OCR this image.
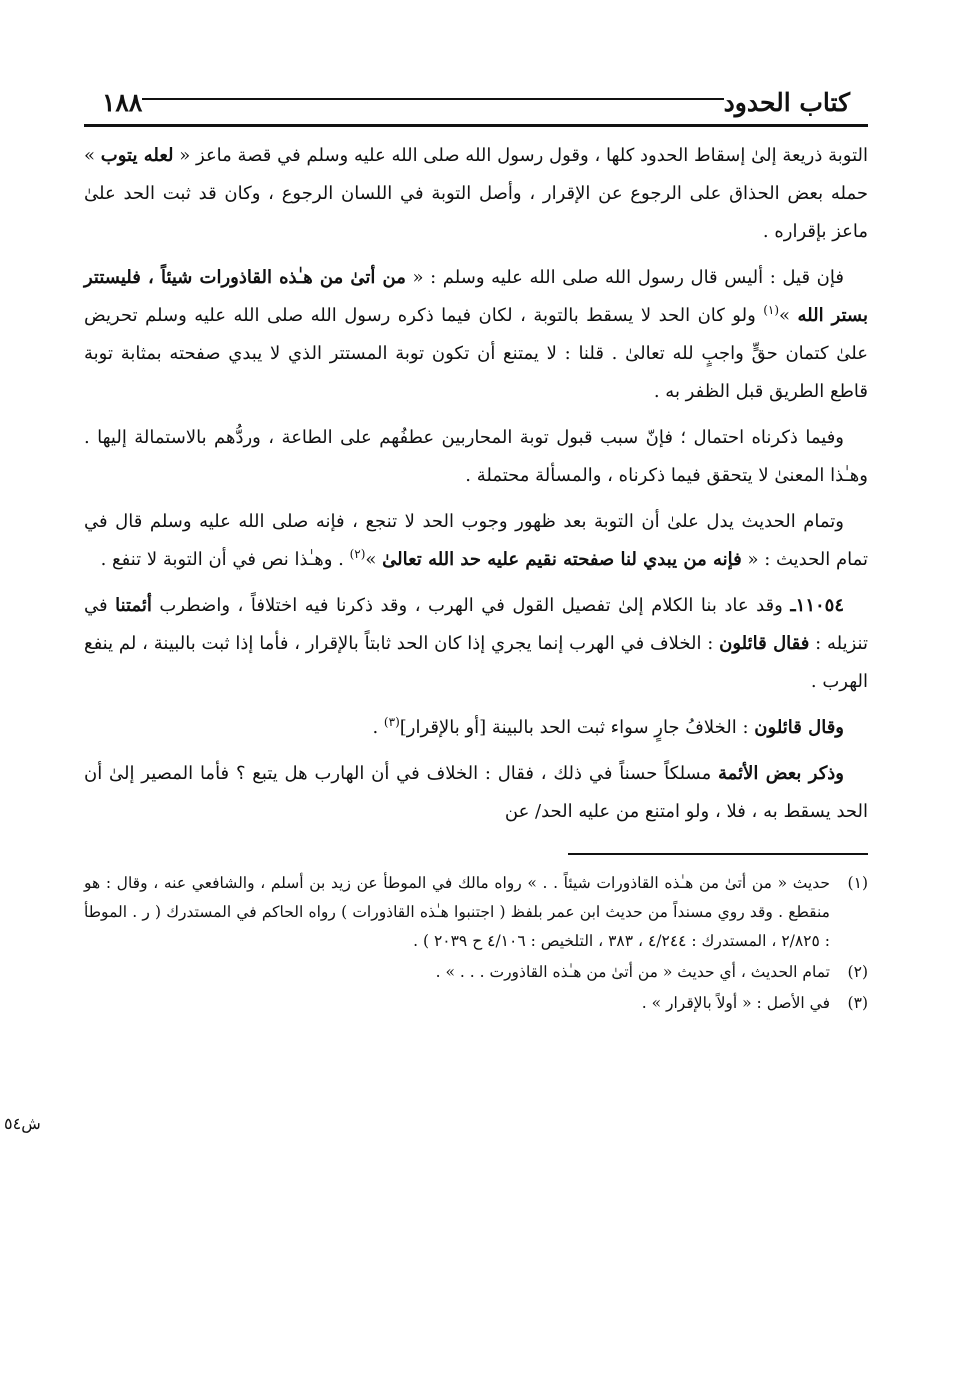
كتاب الحدود
١٨٨

التوبة ذريعة إلىٰ إسقاط الحدود كلها ، وقول رسول الله صلى الله عليه وسلم في قصة ماعز « لعله يتوب » حمله بعض الحذاق على الرجوع عن الإقرار ، وأصل التوبة في اللسان الرجوع ، وكان قد ثبت الحد علىٰ ماعز بإقراره .

فإن قيل : أليس قال رسول الله صلى الله عليه وسلم : « من أتىٰ من هـٰذه القاذورات شيئاً ، فليستتر بستر الله »$^{(١)}$ ولو كان الحد لا يسقط بالتوبة ، لكان فيما ذكره رسول الله صلى الله عليه وسلم تحريض علىٰ كتمان حقٍّ واجبٍ لله تعالىٰ . قلنا : لا يمتنع أن تكون توبة المستتر الذي لا يبدي صفحته بمثابة توبة قاطع الطريق قبل الظفر به .

وفيما ذكرناه احتمال ؛ فإنّ سبب قبول توبة المحاربين عطفُهم على الطاعة ، وردُّهم بالاستمالة إليها . وهـٰذا المعنىٰ لا يتحقق فيما ذكرناه ، والمسألة محتملة .

وتمام الحديث يدل علىٰ أن التوبة بعد ظهور وجوب الحد لا تنجع ، فإنه صلى الله عليه وسلم قال في تمام الحديث : « فإنه من يبدي لنا صفحته نقيم عليه حد الله تعالىٰ »$^{(٢)}$ . وهـٰذا نص في أن التوبة لا تنفع .

١١٠٥٤ـ وقد عاد بنا الكلام إلىٰ تفصيل القول في الهرب ، وقد ذكرنا فيه اختلافاً ، واضطرب أئمتنا في تنزيله : فقال قائلون : الخلاف في الهرب إنما يجري إذا كان الحد ثابتاً بالإقرار ، فأما إذا ثبت بالبينة ، لم ينفع الهرب .

وقال قائلون : الخلافُ جارٍ سواء ثبت الحد بالبينة [أو بالإقرار]$^{(٣)}$ .

وذكر بعض الأئمة مسلكاً حسناً في ذلك ، فقال : الخلاف في أن الهارب هل يتبع ؟ فأما المصير إلىٰ أن الحد يسقط به ، فلا ، ولو امتنع من عليه الحد/ عن

ش٥٤
(١)
حديث « من أتىٰ من هـٰذه القاذورات شيئاً . . » رواه مالك في الموطأ عن زيد بن أسلم ، والشافعي عنه ، وقال : هو منقطع . وقد روي مسنداً من حديث ابن عمر بلفظ ( اجتنبوا هـٰذه القاذورات ) رواه الحاكم في المستدرك ( ر . الموطأ : ٢/٨٢٥ ، المستدرك : ٤/٢٤٤ ، ٣٨٣ ، التلخيص : ٤/١٠٦ ح ٢٠٣٩ ) .
(٢)
تمام الحديث ، أي حديث « من أتىٰ من هـٰذه القاذورت . . . » .
(٣)
في الأصل : « أولاً بالإقرار » .
